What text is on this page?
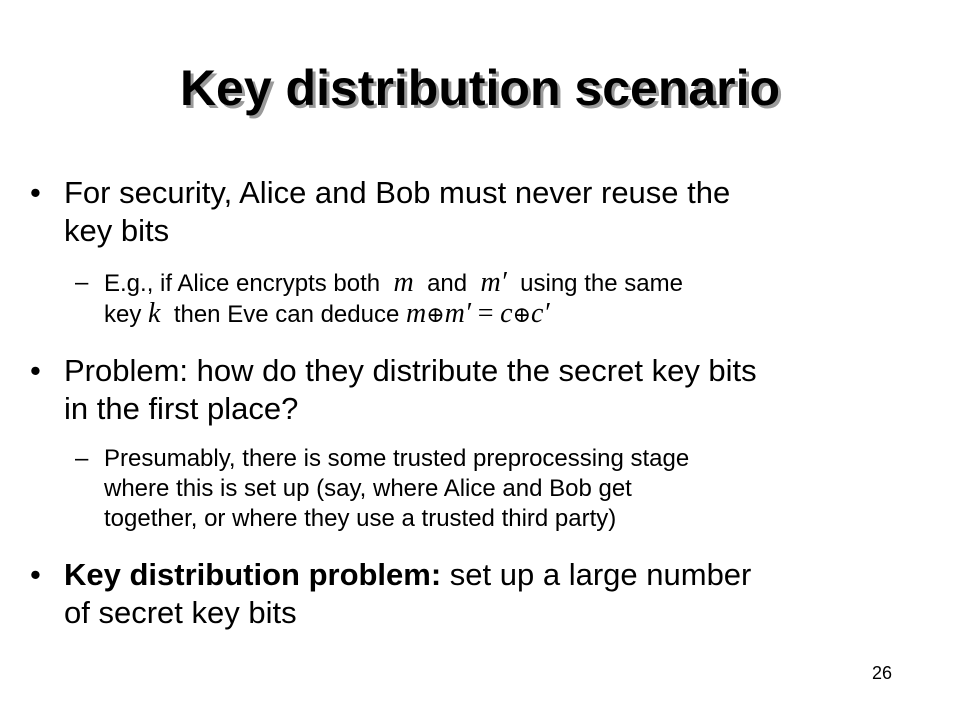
Key distribution scenario
• For security, Alice and Bob must never reuse the
key bits
– E.g., if Alice encrypts both m and m′ using the same
key k then Eve can deduce m⊕m′ = c⊕c′
• Problem: how do they distribute the secret key bits
in the first place?
– Presumably, there is some trusted preprocessing stage
where this is set up (say, where Alice and Bob get
together, or where they use a trusted third party)
• Key distribution problem: set up a large number
of secret key bits
26
